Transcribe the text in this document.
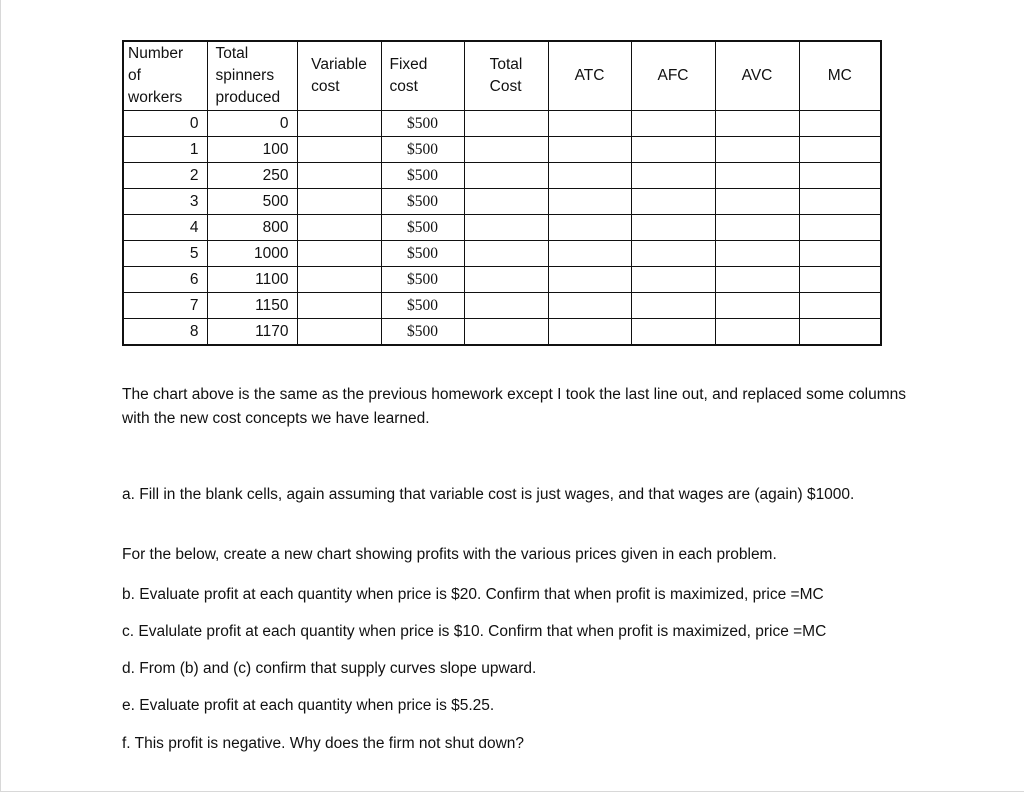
Number
of
workers	Total
spinners
produced	Variable
cost	Fixed
cost	Total
Cost	ATC	AFC	AVC	MC
0	0		$500					
1	100		$500					
2	250		$500					
3	500		$500					
4	800		$500					
5	1000		$500					
6	1100		$500					
7	1150		$500					
8	1170		$500					

The chart above is the same as the previous homework except I took the last line out, and replaced some columns with the new cost concepts we have learned.

a. Fill in the blank cells, again assuming that variable cost is just wages, and that wages are (again) $1000.

For the below, create a new chart showing profits with the various prices given in each problem.

b. Evaluate profit at each quantity when price is $20. Confirm that when profit is maximized, price =MC

c. Evalulate profit at each quantity when price is $10. Confirm that when profit is maximized, price =MC

d. From (b) and (c) confirm that supply curves slope upward.

e. Evaluate profit at each quantity when price is $5.25.

f. This profit is negative. Why does the firm not shut down?
